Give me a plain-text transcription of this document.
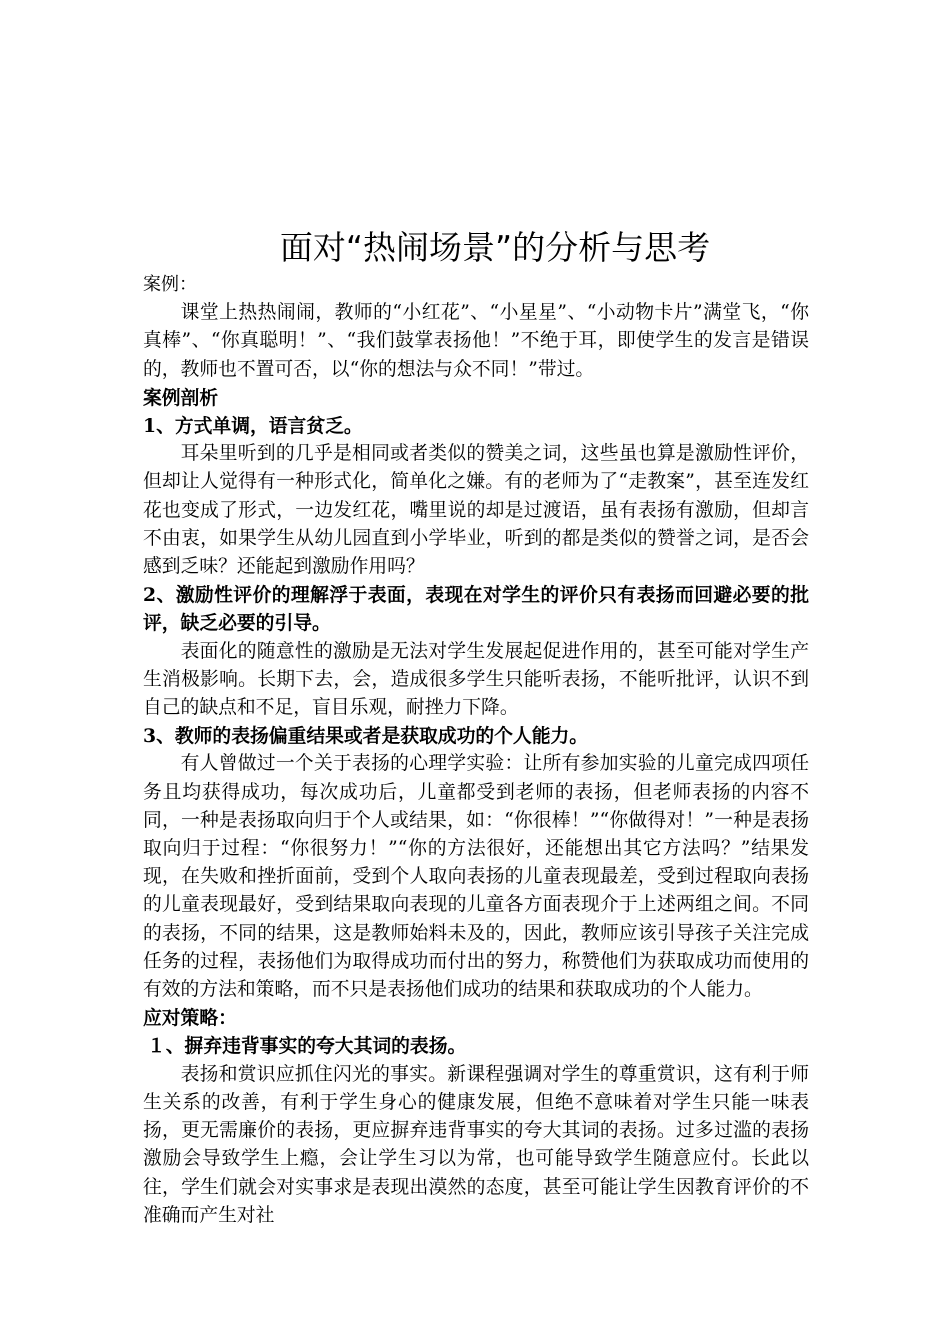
面对“热闹场景”的分析与思考

案例：

课堂上热热闹闹，教师的“小红花”、“小星星”、“小动物卡片”满堂飞，“你真棒”、“你真聪明！”、“我们鼓掌表扬他！”不绝于耳，即使学生的发言是错误的，教师也不置可否，以“你的想法与众不同！”带过。

案例剖析

1、方式单调，语言贫乏。

耳朵里听到的几乎是相同或者类似的赞美之词，这些虽也算是激励性评价，但却让人觉得有一种形式化，简单化之嫌。有的老师为了“走教案”，甚至连发红花也变成了形式，一边发红花，嘴里说的却是过渡语，虽有表扬有激励，但却言不由衷，如果学生从幼儿园直到小学毕业，听到的都是类似的赞誉之词，是否会感到乏味？还能起到激励作用吗？

2、激励性评价的理解浮于表面，表现在对学生的评价只有表扬而回避必要的批评，缺乏必要的引导。

表面化的随意性的激励是无法对学生发展起促进作用的，甚至可能对学生产生消极影响。长期下去，会，造成很多学生只能听表扬，不能听批评，认识不到自己的缺点和不足，盲目乐观，耐挫力下降。

3、教师的表扬偏重结果或者是获取成功的个人能力。

有人曾做过一个关于表扬的心理学实验：让所有参加实验的儿童完成四项任务且均获得成功，每次成功后，儿童都受到老师的表扬，但老师表扬的内容不同，一种是表扬取向归于个人或结果，如：“你很棒！”“你做得对！”一种是表扬取向归于过程：“你很努力！”“你的方法很好，还能想出其它方法吗？”结果发现，在失败和挫折面前，受到个人取向表扬的儿童表现最差，受到过程取向表扬的儿童表现最好，受到结果取向表现的儿童各方面表现介于上述两组之间。不同的表扬，不同的结果，这是教师始料未及的，因此，教师应该引导孩子关注完成任务的过程，表扬他们为取得成功而付出的努力，称赞他们为获取成功而使用的有效的方法和策略，而不只是表扬他们成功的结果和获取成功的个人能力。

应对策略：

１、摒弃违背事实的夸大其词的表扬。

表扬和赏识应抓住闪光的事实。新课程强调对学生的尊重赏识，这有利于师生关系的改善，有利于学生身心的健康发展，但绝不意味着对学生只能一味表扬，更无需廉价的表扬，更应摒弃违背事实的夸大其词的表扬。过多过滥的表扬激励会导致学生上瘾，会让学生习以为常，也可能导致学生随意应付。长此以往，学生们就会对实事求是表现出漠然的态度，甚至可能让学生因教育评价的不准确而产生对社
